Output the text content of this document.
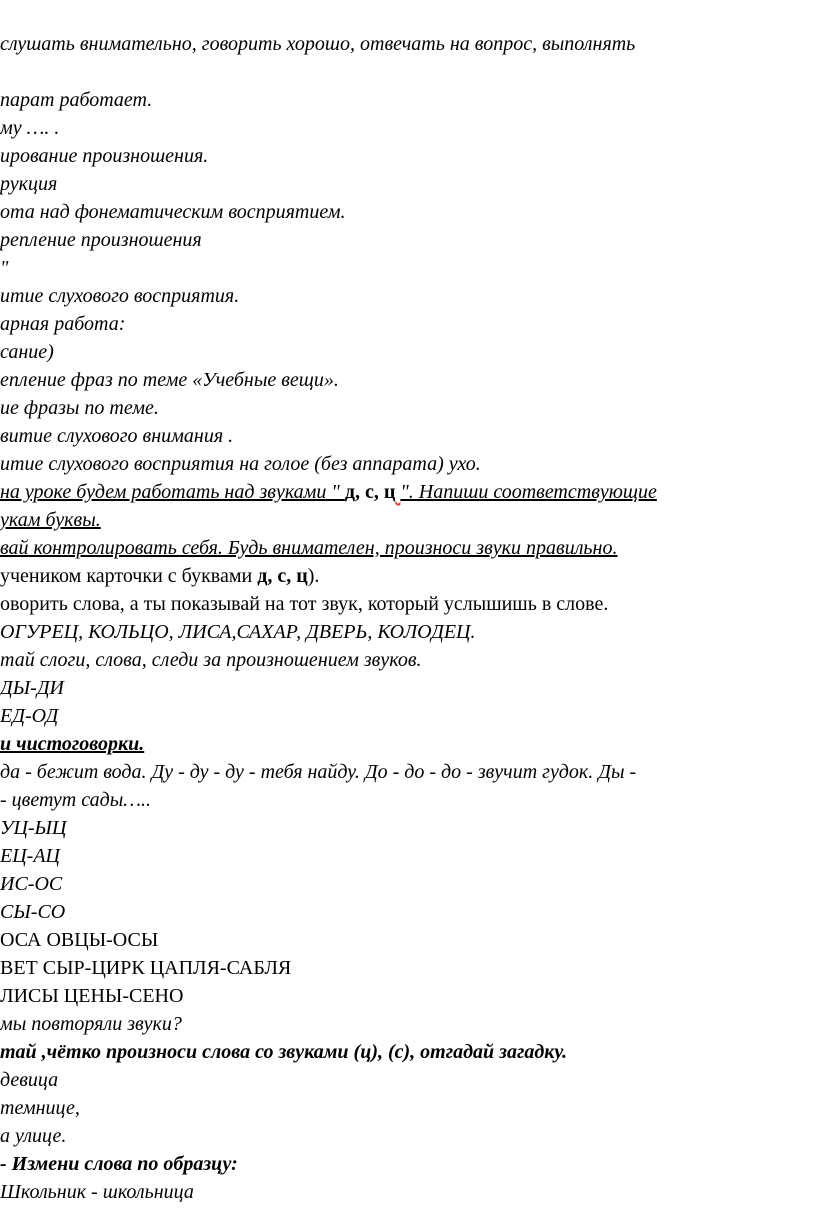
слушать внимательно, говорить хорошо, отвечать на вопрос, выполнять
парат работает.
му …. .
ирование произношения.
рукция
ота над фонематическим восприятием.
репление произношения
"
итие слухового восприятия.
арная работа:
сание)
епление фраз по теме «Учебные вещи».
ие фразы по теме.
витие слухового внимания .
итие слухового восприятия на голое (без аппарата) ухо.
на уроке будем работать над звуками " д, с, ц ". Напиши соответствующие
укам буквы.
вай контролировать себя. Будь внимателен, произноси звуки правильно.
учеником карточки с буквами д, с, ц).
оворить слова, а ты показывай на тот звук, который услышишь в слове.
ОГУРЕЦ, КОЛЬЦО, ЛИСА,САХАР, ДВЕРЬ, КОЛОДЕЦ.
тай слоги, слова, следи за произношением звуков.
ДЫ-ДИ
ЕД-ОД
и чистоговорки.
да - бежит вода. Ду - ду - ду - тебя найду. До - до - до - звучит гудок. Ды -
- цветут сады…..
УЦ-ЫЦ
ЕЦ-АЦ
ИС-ОС
СЫ-СО
ОСА ОВЦЫ-ОСЫ
ВЕТ СЫР-ЦИРК ЦАПЛЯ-САБЛЯ
ЛИСЫ ЦЕНЫ-СЕНО
мы повторяли звуки?
тай ,чётко произноси слова со звуками (ц), (с), отгадай загадку.
девица
темнице,
а улице.
- Измени слова по образцу:
Школьник - школьница
